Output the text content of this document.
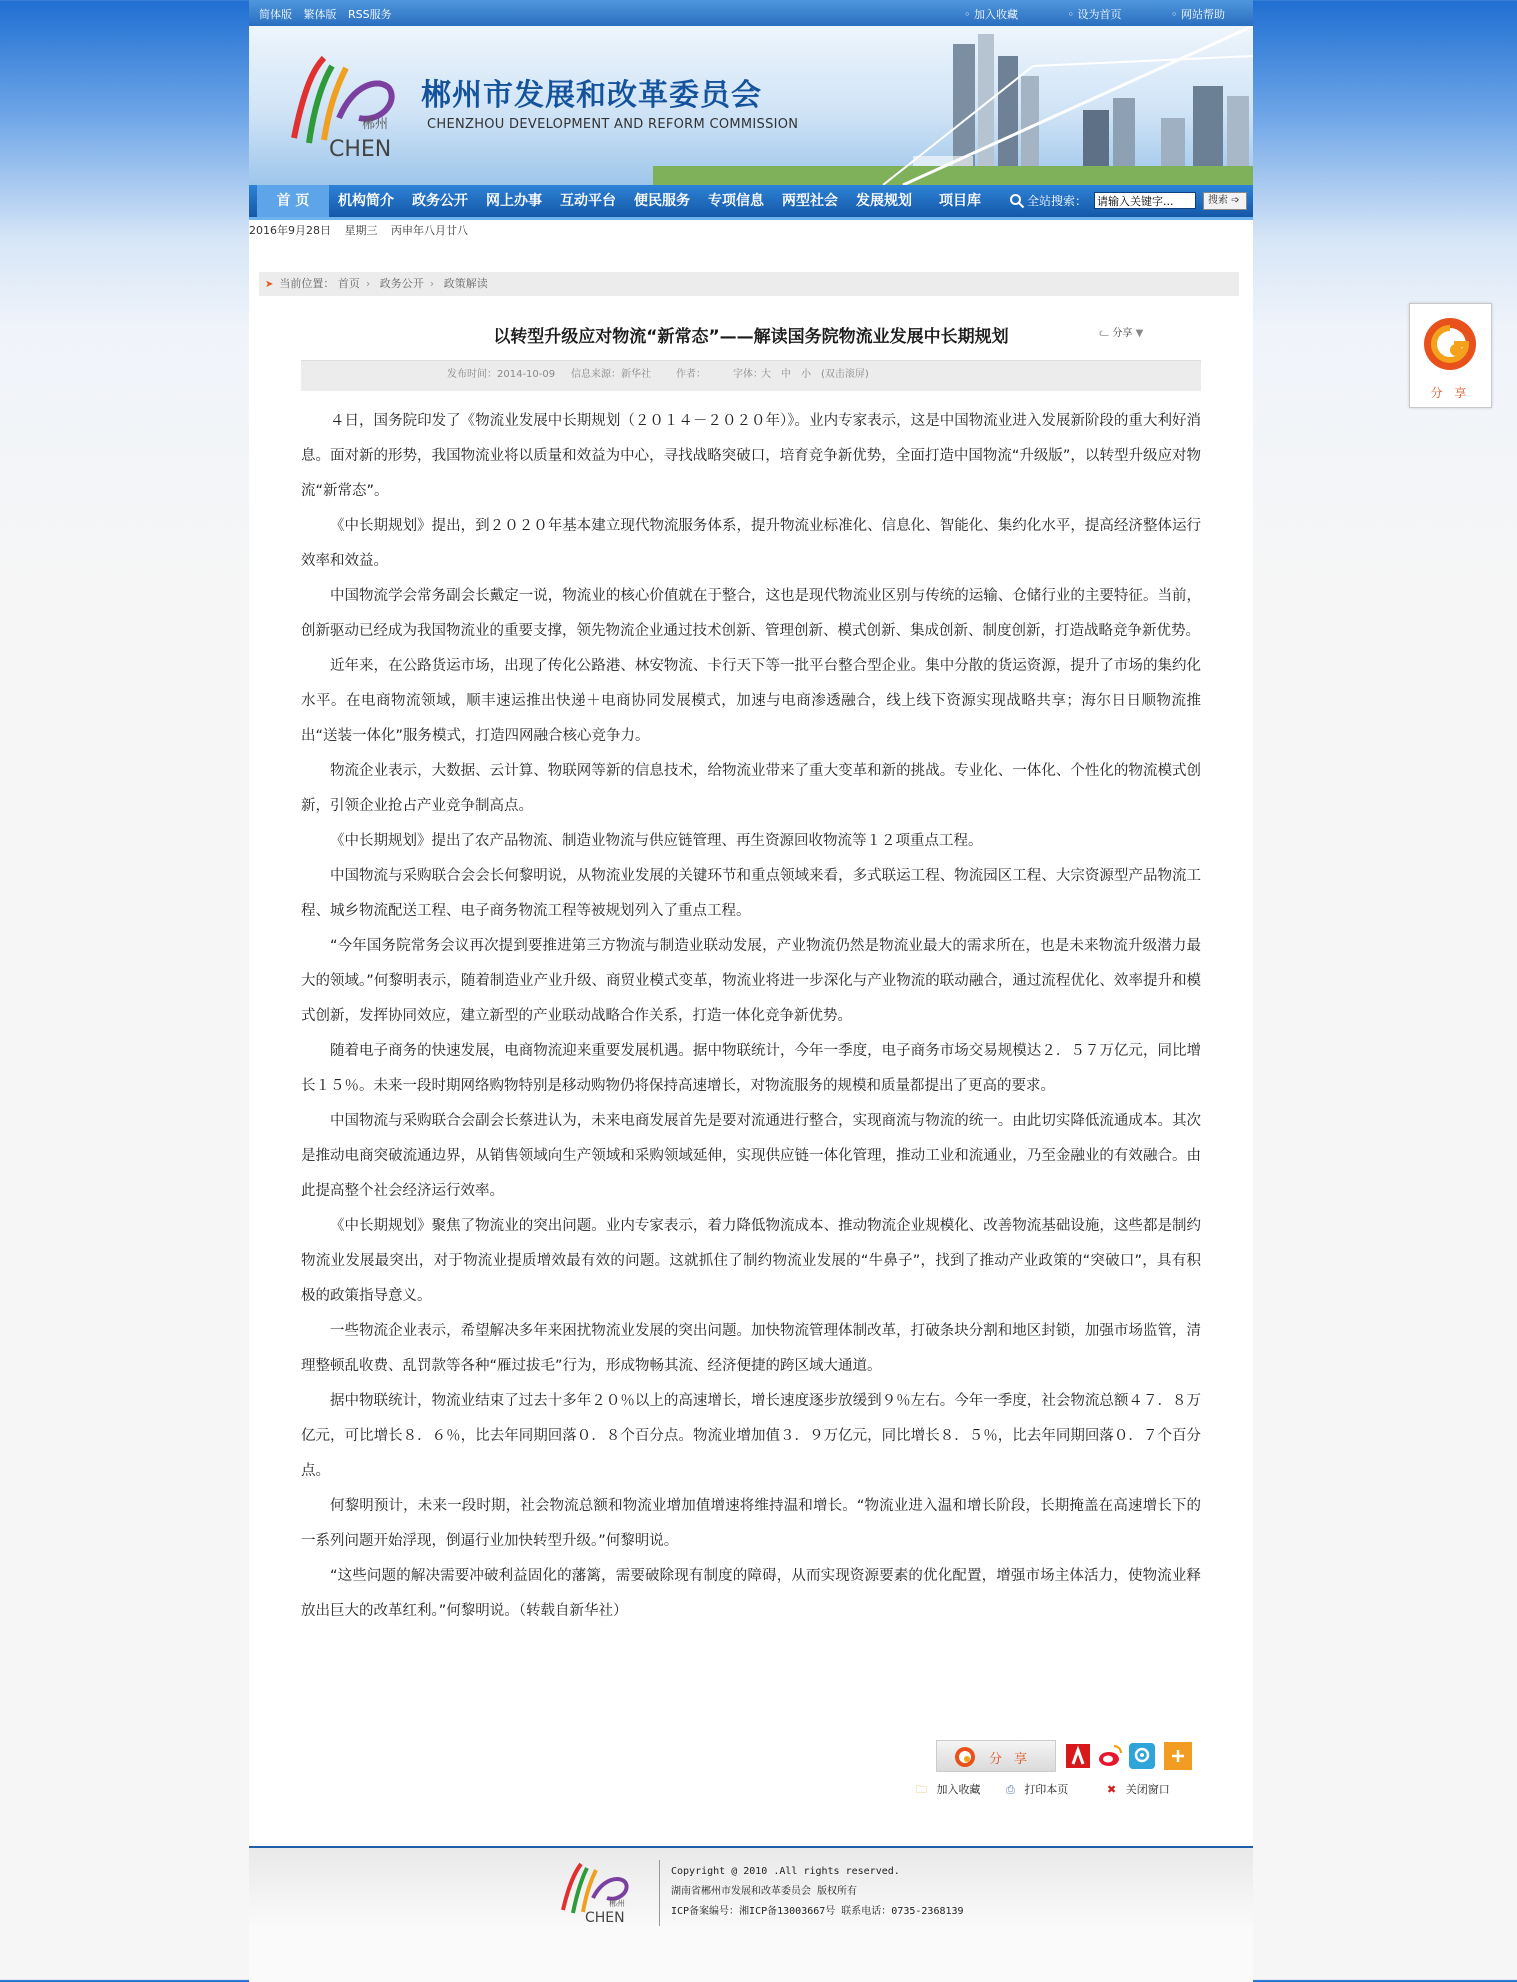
分 享
简体版 繁体版 RSS服务	◦ 加入收藏	◦ 设为首页	◦ 网站帮助
郴州
CHEN
郴州市发展和改革委员会
CHENZHOU DEVELOPMENT AND REFORM COMMISSION
首 页	机构简介 政务公开 网上办事 互动平台 便民服务 专项信息 两型社会 发展规划 项目库	全站搜索：
请输入关键字...	搜索 ➩
2016年9月28日 星期三 丙申年八月廿八
➤ 当前位置： 首页 › 政务公开 › 政策解读
以转型升级应对物流“新常态”——解读国务院物流业发展中长期规划	ᓚ 分享 ▼
发布时间：2014-10-09 信息来源：新华社	作者：	字体：
大 中 小 (双击滚屏)

４日，国务院印发了《物流业发展中长期规划（２０１４－２０２０年）》。业内专家表示，这是中国物流业进入发展新阶段的重大利好消息。面对新的形势，我国物流业将以质量和效益为中心，寻找战略突破口，培育竞争新优势，全面打造中国物流“升级版”，以转型升级应对物流“新常态”。

《中长期规划》提出，到２０２０年基本建立现代物流服务体系，提升物流业标准化、信息化、智能化、集约化水平，提高经济整体运行效率和效益。

中国物流学会常务副会长戴定一说，物流业的核心价值就在于整合，这也是现代物流业区别与传统的运输、仓储行业的主要特征。当前，创新驱动已经成为我国物流业的重要支撑，领先物流企业通过技术创新、管理创新、模式创新、集成创新、制度创新，打造战略竞争新优势。

近年来，在公路货运市场，出现了传化公路港、林安物流、卡行天下等一批平台整合型企业。集中分散的货运资源，提升了市场的集约化水平。在电商物流领域，顺丰速运推出快递＋电商协同发展模式，加速与电商渗透融合，线上线下资源实现战略共享；海尔日日顺物流推出“送装一体化”服务模式，打造四网融合核心竞争力。

物流企业表示，大数据、云计算、物联网等新的信息技术，给物流业带来了重大变革和新的挑战。专业化、一体化、个性化的物流模式创新，引领企业抢占产业竞争制高点。

《中长期规划》提出了农产品物流、制造业物流与供应链管理、再生资源回收物流等１２项重点工程。

中国物流与采购联合会会长何黎明说，从物流业发展的关键环节和重点领域来看，多式联运工程、物流园区工程、大宗资源型产品物流工程、城乡物流配送工程、电子商务物流工程等被规划列入了重点工程。

“今年国务院常务会议再次提到要推进第三方物流与制造业联动发展，产业物流仍然是物流业最大的需求所在，也是未来物流升级潜力最大的领域。”何黎明表示，随着制造业产业升级、商贸业模式变革，物流业将进一步深化与产业物流的联动融合，通过流程优化、效率提升和模式创新，发挥协同效应，建立新型的产业联动战略合作关系，打造一体化竞争新优势。

随着电子商务的快速发展，电商物流迎来重要发展机遇。据中物联统计，今年一季度，电子商务市场交易规模达２．５７万亿元，同比增长１５％。未来一段时期网络购物特别是移动购物仍将保持高速增长，对物流服务的规模和质量都提出了更高的要求。

中国物流与采购联合会副会长蔡进认为，未来电商发展首先是要对流通进行整合，实现商流与物流的统一。由此切实降低流通成本。其次是推动电商突破流通边界，从销售领域向生产领域和采购领域延伸，实现供应链一体化管理，推动工业和流通业，乃至金融业的有效融合。由此提高整个社会经济运行效率。

《中长期规划》聚焦了物流业的突出问题。业内专家表示，着力降低物流成本、推动物流企业规模化、改善物流基础设施，这些都是制约物流业发展最突出，对于物流业提质增效最有效的问题。这就抓住了制约物流业发展的“牛鼻子”，找到了推动产业政策的“突破口”，具有积极的政策指导意义。

一些物流企业表示，希望解决多年来困扰物流业发展的突出问题。加快物流管理体制改革，打破条块分割和地区封锁，加强市场监管，清理整顿乱收费、乱罚款等各种“雁过拔毛”行为，形成物畅其流、经济便捷的跨区域大通道。

据中物联统计，物流业结束了过去十多年２０％以上的高速增长，增长速度逐步放缓到９％左右。今年一季度，社会物流总额４７．８万亿元，可比增长８．６％，比去年同期回落０．８个百分点。物流业增加值３．９万亿元，同比增长８．５％，比去年同期回落０．７个百分点。

何黎明预计，未来一段时期，社会物流总额和物流业增加值增速将维持温和增长。“物流业进入温和增长阶段，长期掩盖在高速增长下的一系列问题开始浮现，倒逼行业加快转型升级。”何黎明说。

“这些问题的解决需要冲破利益固化的藩篱，需要破除现有制度的障碍，从而实现资源要素的优化配置，增强市场主体活力，使物流业释放出巨大的改革红利。”何黎明说。（转载自新华社）

分 享
🗀 加入收藏 ⎙ 打印本页	✖ 关闭窗口
郴州
CHEN
Copyright @ 2010 .All rights reserved.
湖南省郴州市发展和改革委员会 版权所有
ICP备案编号：湘ICP备13003667号 联系电话：0735-2368139
